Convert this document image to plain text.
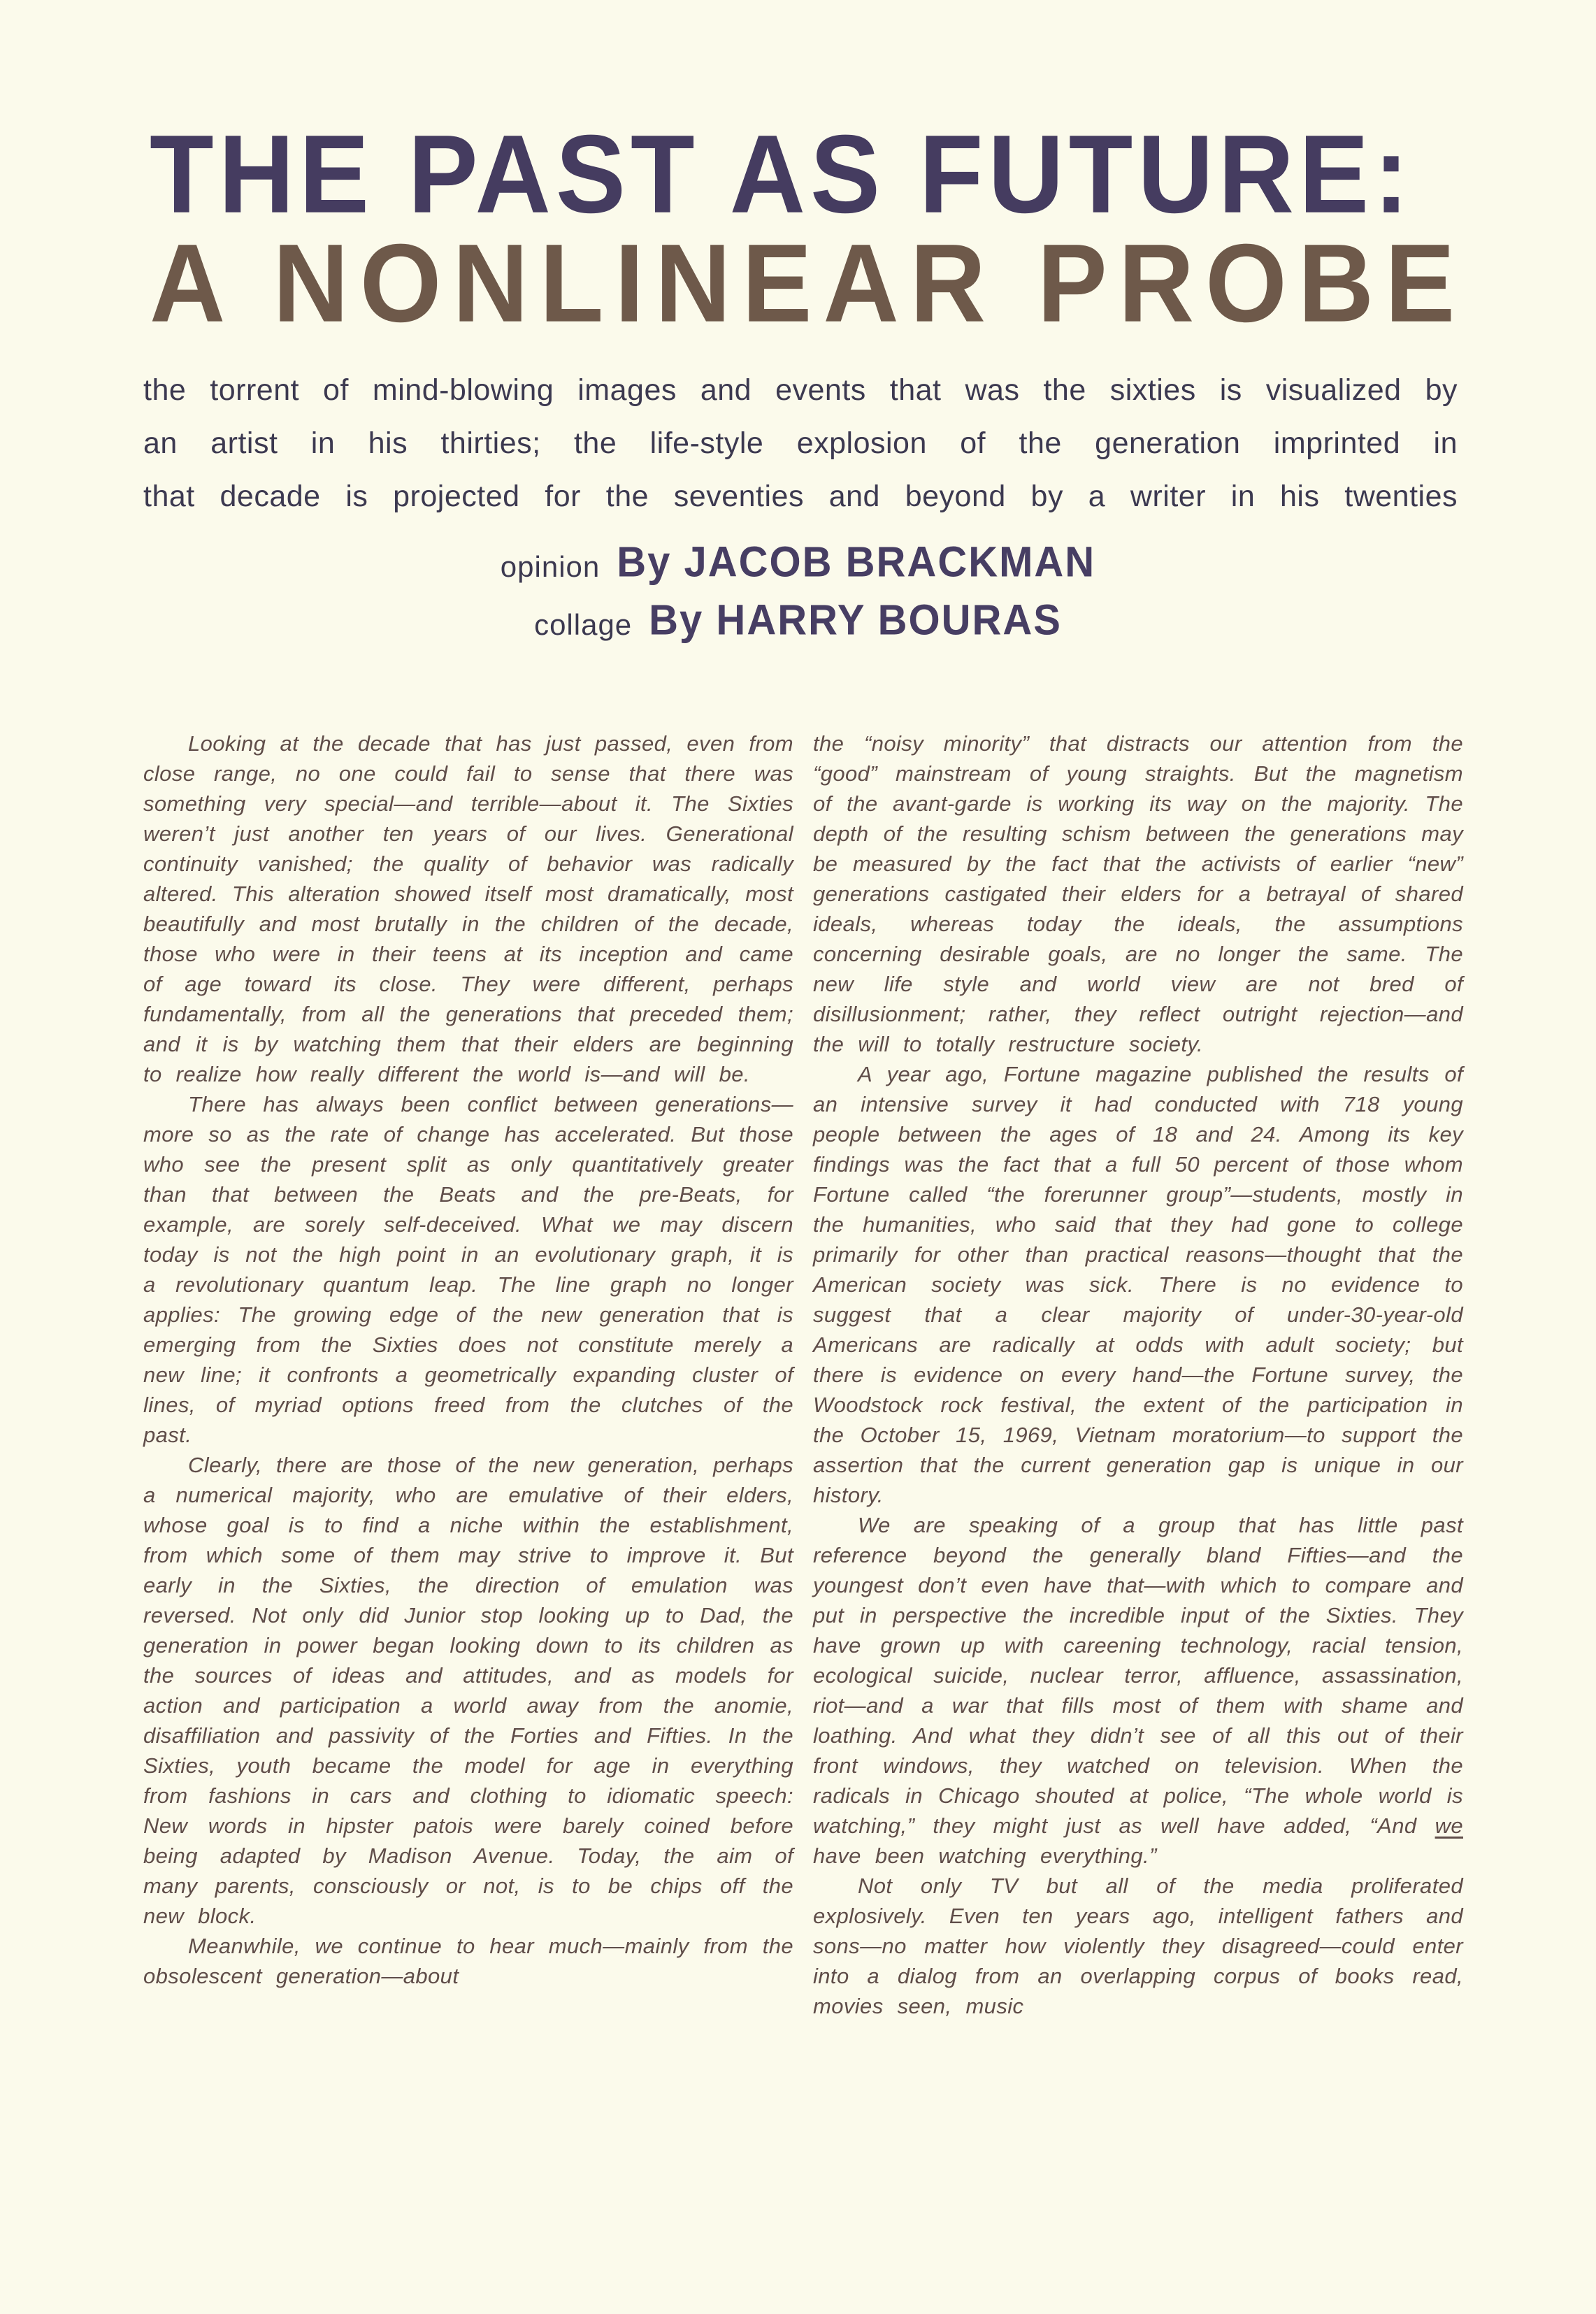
THE PAST AS FUTURE:
A NONLINEAR PROBE
the torrent of mind-blowing images and events that was the sixties is visualized by
an artist in his thirties; the life-style explosion of the generation imprinted in
that decade is projected for the seventies and beyond by a writer in his twenties
opinion By JACOB BRACKMAN
collage By HARRY BOURAS

Looking at the decade that has just passed, even from close range, no one could fail to sense that there was something very special—and terrible—about it. The Sixties weren’t just another ten years of our lives. Generational continuity vanished; the quality of behavior was radically altered. This alteration showed itself most dramatically, most beautifully and most brutally in the children of the decade, those who were in their teens at its inception and came of age toward its close. They were different, perhaps fundamentally, from all the generations that preceded them; and it is by watching them that their elders are beginning to realize how really different the world is—and will be.

There has always been conflict between generations—more so as the rate of change has accelerated. But those who see the present split as only quantitatively greater than that between the Beats and the pre-Beats, for example, are sorely self-deceived. What we may discern today is not the high point in an evolutionary graph, it is a revolutionary quantum leap. The line graph no longer applies: The growing edge of the new generation that is emerging from the Sixties does not constitute merely a new line; it confronts a geometrically expanding cluster of lines, of myriad options freed from the clutches of the past.

Clearly, there are those of the new generation, perhaps a numerical majority, who are emulative of their elders, whose goal is to find a niche within the establishment, from which some of them may strive to improve it. But early in the Sixties, the direction of emulation was reversed. Not only did Junior stop looking up to Dad, the generation in power began looking down to its children as the sources of ideas and attitudes, and as models for action and participation a world away from the anomie, disaffiliation and passivity of the Forties and Fifties. In the Sixties, youth became the model for age in everything from fashions in cars and clothing to idiomatic speech: New words in hipster patois were barely coined before being adapted by Madison Avenue. Today, the aim of many parents, consciously or not, is to be chips off the new block.

Meanwhile, we continue to hear much—mainly from the obsolescent generation—about

the “noisy minority” that distracts our attention from the “good” mainstream of young straights. But the magnetism of the avant-garde is working its way on the majority. The depth of the resulting schism between the generations may be measured by the fact that the activists of earlier “new” generations castigated their elders for a betrayal of shared ideals, whereas today the ideals, the assumptions concerning desirable goals, are no longer the same. The new life style and world view are not bred of disillusionment; rather, they reflect outright rejection—and the will to totally restructure society.

A year ago, Fortune magazine published the results of an intensive survey it had conducted with 718 young people between the ages of 18 and 24. Among its key findings was the fact that a full 50 percent of those whom Fortune called “the forerunner group”—students, mostly in the humanities, who said that they had gone to college primarily for other than practical reasons—thought that the American society was sick. There is no evidence to suggest that a clear majority of under-30-year-old Americans are radically at odds with adult society; but there is evidence on every hand—the Fortune survey, the Woodstock rock festival, the extent of the participation in the October 15, 1969, Vietnam moratorium—to support the assertion that the current generation gap is unique in our history.

We are speaking of a group that has little past reference beyond the generally bland Fifties—and the youngest don’t even have that—with which to compare and put in perspective the incredible input of the Sixties. They have grown up with careening technology, racial tension, ecological suicide, nuclear terror, affluence, assassination, riot—and a war that fills most of them with shame and loathing. And what they didn’t see of all this out of their front windows, they watched on television. When the radicals in Chicago shouted at police, “The whole world is watching,” they might just as well have added, “And we have been watching everything.”

Not only TV but all of the media proliferated explosively. Even ten years ago, intelligent fathers and sons—no matter how violently they disagreed—could enter into a dialog from an overlapping corpus of books read, movies seen, music
